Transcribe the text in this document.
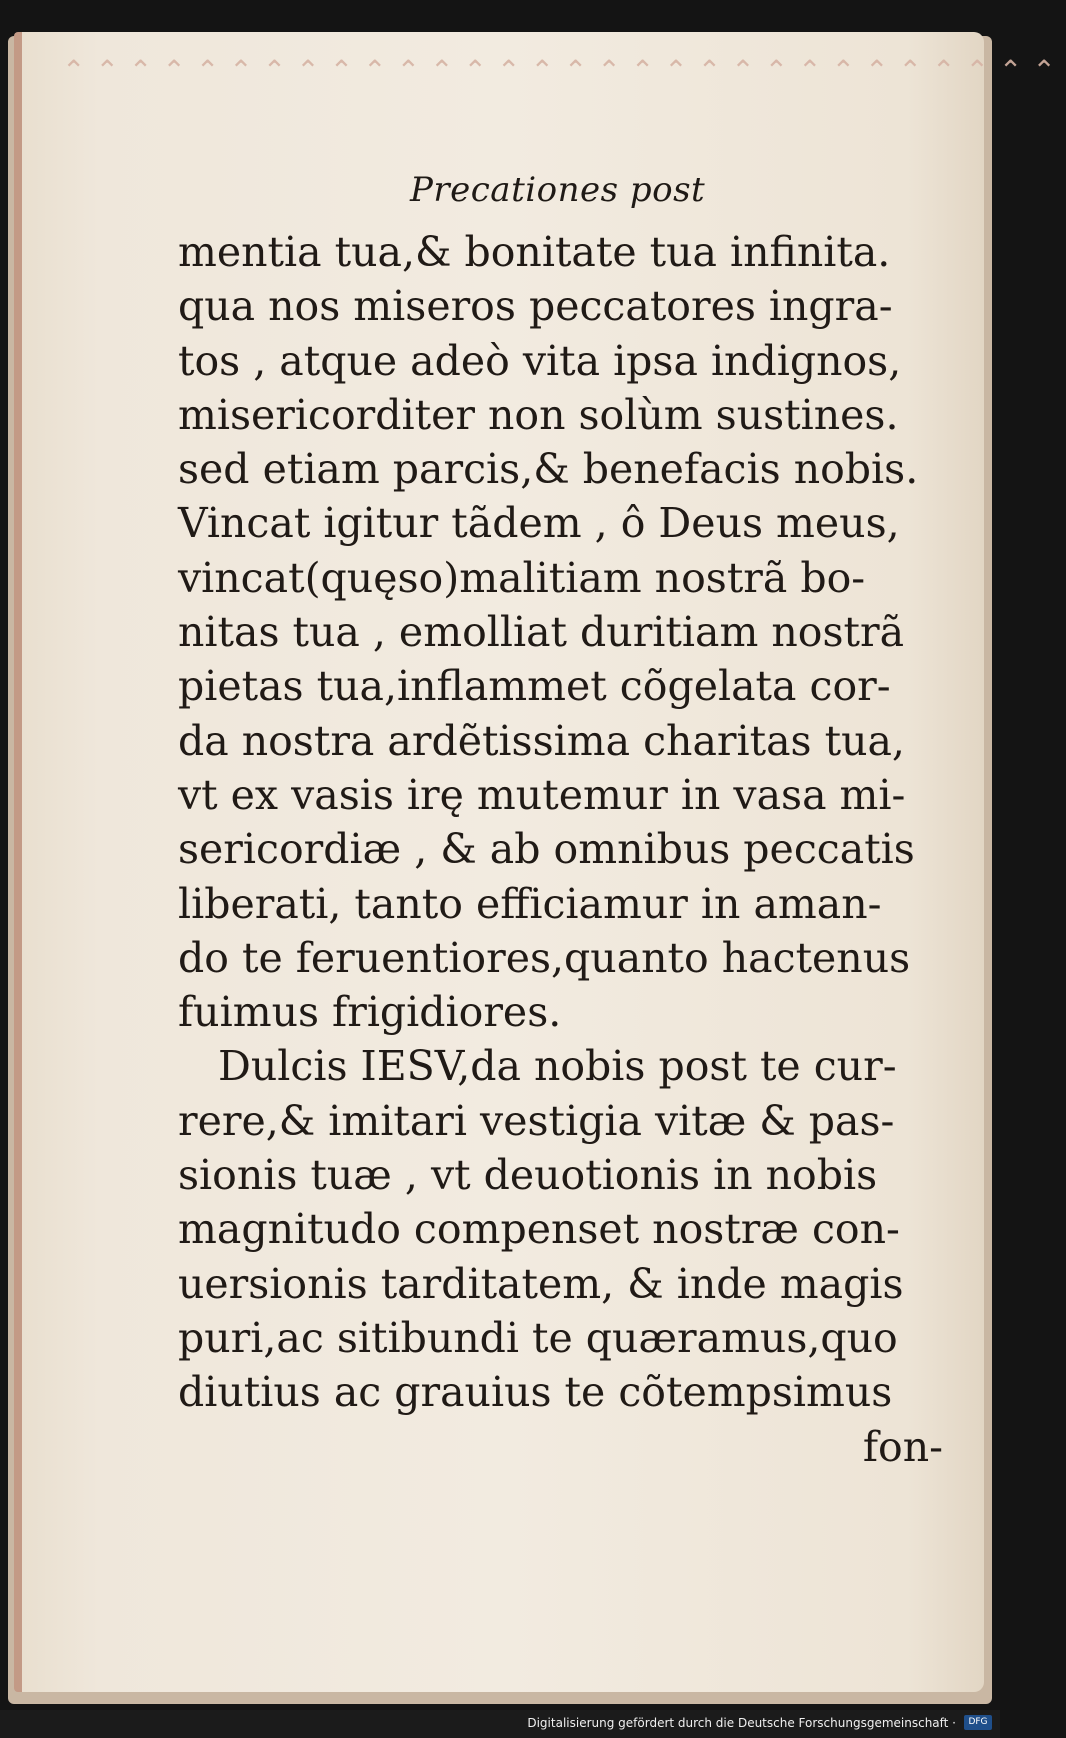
⌃⌃⌃⌃⌃⌃⌃⌃⌃⌃⌃⌃⌃⌃⌃⌃⌃⌃⌃⌃⌃⌃⌃⌃⌃⌃⌃⌃⌃⌃
Precationes post
mentia tua,& bonitate tua infinita.
qua nos miseros peccatores ingra-
tos , atque adeò vita ipsa indignos,
misericorditer non solùm sustines.
sed etiam parcis,& benefacis nobis.
Vincat igitur tãdem , ô Deus meus,
vincat(quęso)malitiam nostrã bo-
nitas tua , emolliat duritiam nostrã
pietas tua,inflammet cõgelata cor-
da nostra ardẽtissima charitas tua,
vt ex vasis irę mutemur in vasa mi-
sericordiæ , & ab omnibus peccatis
liberati, tanto efficiamur in aman-
do te feruentiores,quanto hactenus
fuimus frigidiores.
Dulcis IESV,da nobis post te cur-
rere,& imitari vestigia vitæ & pas-
sionis tuæ , vt deuotionis in nobis
magnitudo compenset nostræ con-
uersionis tarditatem, & inde magis
puri,ac sitibundi te quæramus,quo
diutius ac grauius te cõtempsimus
fon-
Digitalisierung gefördert durch die Deutsche Forschungsgemeinschaft ·	DFG
